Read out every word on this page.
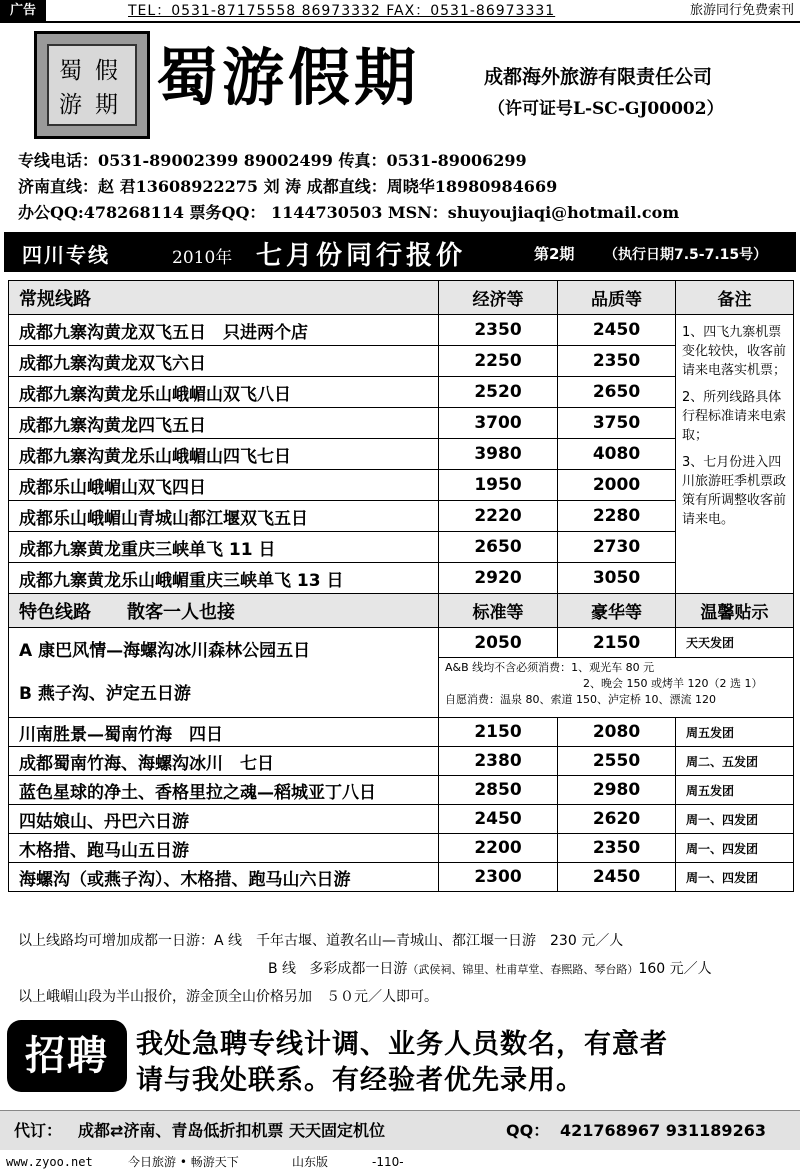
广告	TEL：0531-87175558 86973332 FAX：0531-86973331	旅游同行免费索刊
蜀 假
游 期 蜀游假期	成都海外旅游有限责任公司
（许可证号L-SC-GJ00002）
专线电话：0531-89002399 89002499 传真：0531-89006299
济南直线：赵 君13608922275 刘 涛 成都直线：周晓华18980984669
办公QQ:478268114 票务QQ： 1144730503 MSN：shuyoujiaqi@hotmail.com
四川专线	2010年 七月份同行报价	第2期 （执行日期7.5-7.15号）
常规线路	经济等	品质等	备注
成都九寨沟黄龙双飞五日　只进两个店	2350	2450	1、四飞九寨机票变化较快，收客前请来电落实机票；

2、所列线路具体行程标准请来电索取；

3、七月份进入四川旅游旺季机票政策有所调整收客前请来电。

成都九寨沟黄龙双飞六日	2250	2350	
成都九寨沟黄龙乐山峨嵋山双飞八日	2520	2650	
成都九寨沟黄龙四飞五日	3700	3750	
成都九寨沟黄龙乐山峨嵋山四飞七日	3980	4080	
成都乐山峨嵋山双飞四日	1950	2000	
成都乐山峨嵋山青城山都江堰双飞五日	2220	2280	
成都九寨黄龙重庆三峡单飞 11 日	2650	2730	
成都九寨黄龙乐山峨嵋重庆三峡单飞 13 日	2920	3050	
特色线路　　散客一人也接	标准等	豪华等	温馨贴示

A 康巴风情—海螺沟冰川森林公园五日
B 燕子沟、泸定五日游	2050	2150	天天发团

	A&B 线均不含必须消费：1、观光车 80 元
2、晚会 150 或烤羊 120（2 选 1）
自愿消费：温泉 80、索道 150、泸定桥 10、漂流 120		

川南胜景—蜀南竹海　四日	2150	2080	周五发团
成都蜀南竹海、海螺沟冰川　七日	2380	2550	周二、五发团
蓝色星球的净土、香格里拉之魂—稻城亚丁八日	2850	2980	周五发团
四姑娘山、丹巴六日游	2450	2620	周一、四发团
木格措、跑马山五日游	2200	2350	周一、四发团
海螺沟（或燕子沟）、木格措、跑马山六日游	2300	2450	周一、四发团
以上线路均可增加成都一日游：A 线　千年古堰、道教名山—青城山、都江堰一日游　230 元／人
B 线 多彩成都一日游（武侯祠、锦里、杜甫草堂、春熙路、琴台路）160 元／人
以上峨嵋山段为半山报价，游金顶全山价格另加　５０元／人即可。
招聘	我处急聘专线计调、业务人员数名，有意者
请与我处联系。有经验者优先录用。
代订： 成都⇄济南、青岛低折扣机票 天天固定机位	QQ： 421768967 931189263
www.zyoo.net	今日旅游 • 畅游天下	山东版	-110-
